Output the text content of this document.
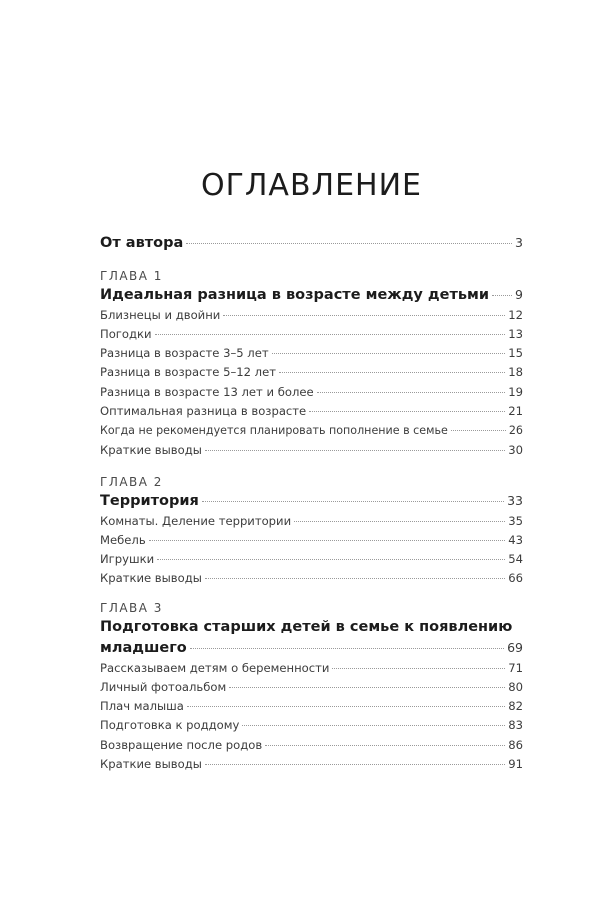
ОГЛАВЛЕНИЕ
От автора	3
ГЛАВА 1
Идеальная разница в возрасте между детьми 9
Близнецы и двойни	12
Погодки	13
Разница в возрасте 3–5 лет	15
Разница в возрасте 5–12 лет	18
Разница в возрасте 13 лет и более	19
Оптимальная разница в возрасте	21
Когда не рекомендуется планировать пополнение в семье	26
Краткие выводы	30
ГЛАВА 2
Территория	33
Комнаты. Деление территории	35
Мебель	43
Игрушки	54
Краткие выводы	66
ГЛАВА 3
Подготовка старших детей в семье к появлению
младшего	69
Рассказываем детям о беременности	71
Личный фотоальбом	80
Плач малыша	82
Подготовка к роддому	83
Возвращение после родов	86
Краткие выводы	91
